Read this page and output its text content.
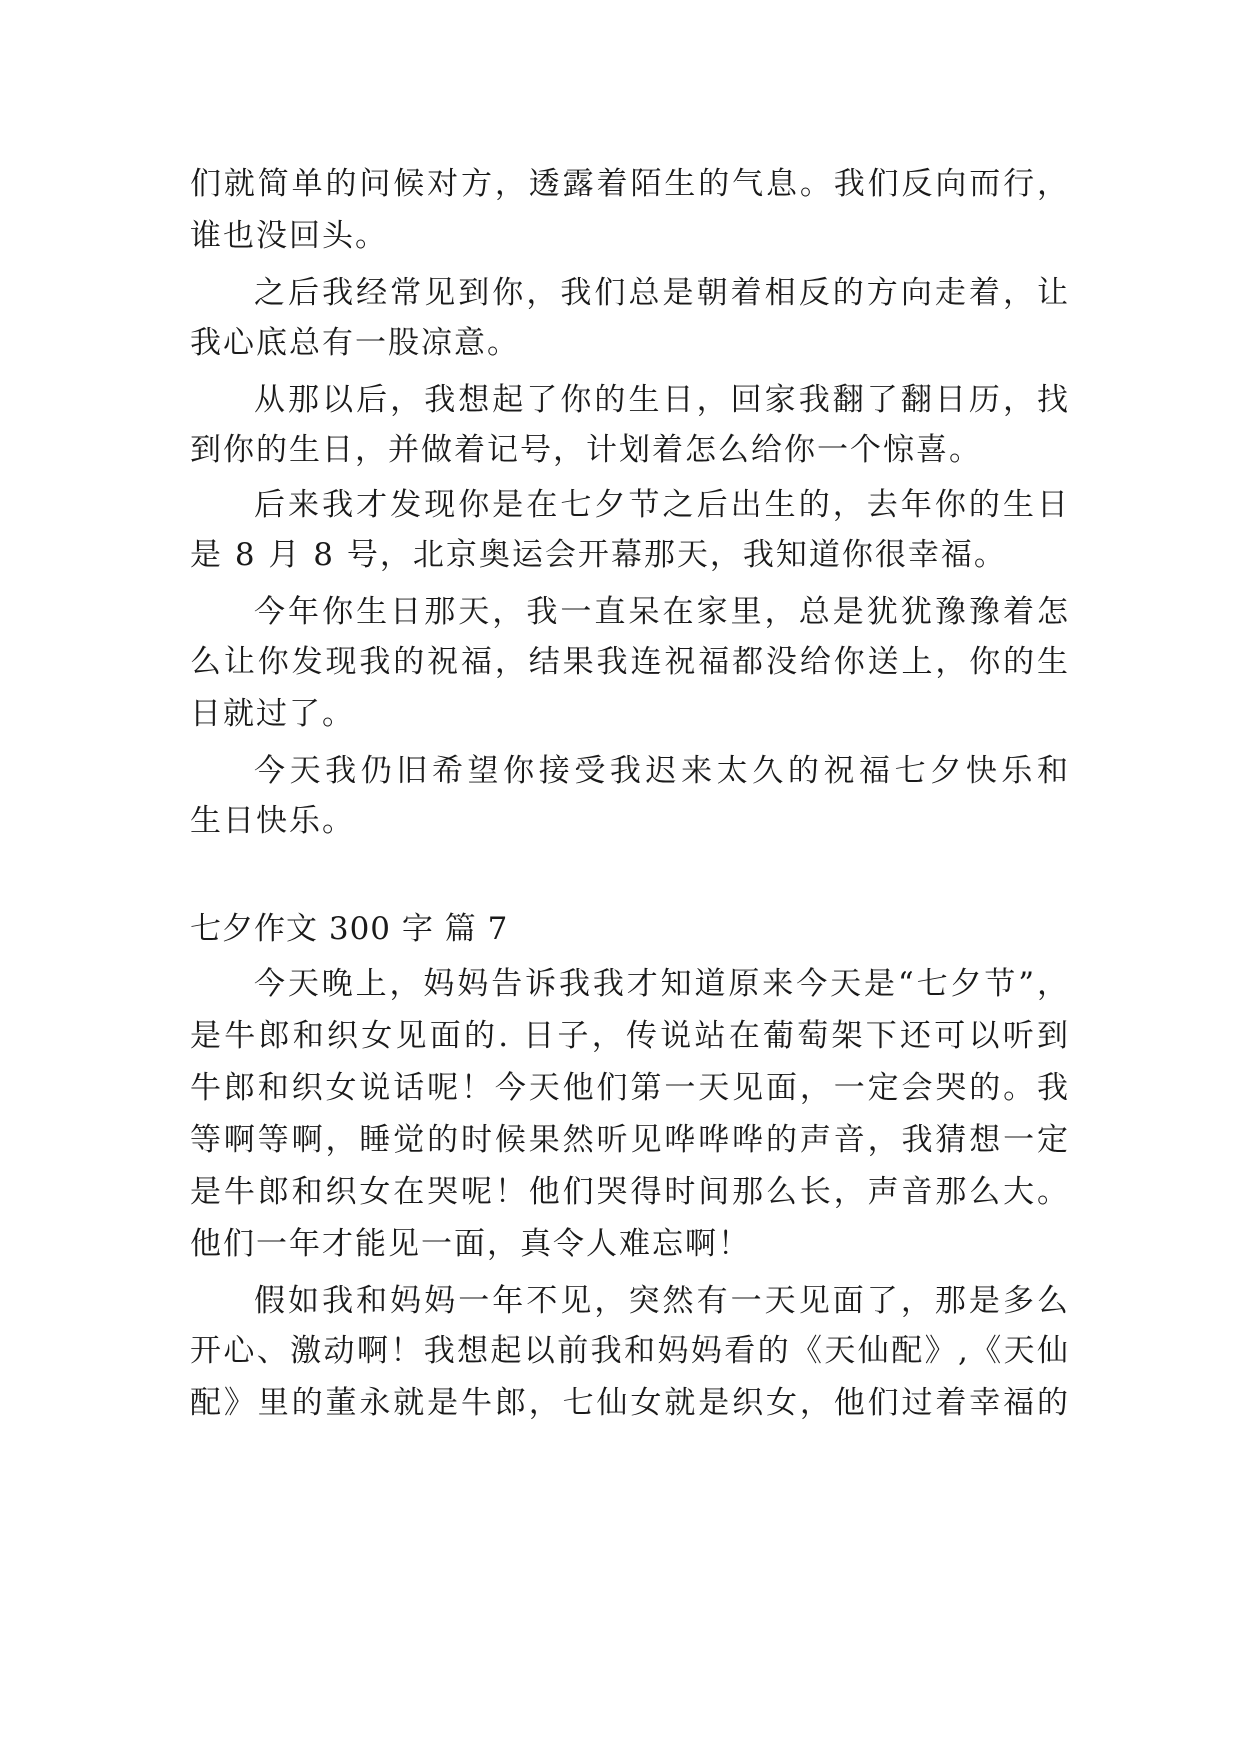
们就简单的问候对方，透露着陌生的气息。我们反向而行，
谁也没回头。
之后我经常见到你，我们总是朝着相反的方向走着，让
我心底总有一股凉意。
从那以后，我想起了你的生日，回家我翻了翻日历，找
到你的生日，并做着记号，计划着怎么给你一个惊喜。
后来我才发现你是在七夕节之后出生的，去年你的生日
是 8 月 8 号，北京奥运会开幕那天，我知道你很幸福。
今年你生日那天，我一直呆在家里，总是犹犹豫豫着怎
么让你发现我的祝福，结果我连祝福都没给你送上，你的生
日就过了。
今天我仍旧希望你接受我迟来太久的祝福七夕快乐和
生日快乐。
七夕作文 300 字 篇 7
今天晚上，妈妈告诉我我才知道原来今天是“七夕节”，
是牛郎和织女见面的. 日子，传说站在葡萄架下还可以听到
牛郎和织女说话呢！今天他们第一天见面，一定会哭的。我
等啊等啊，睡觉的时候果然听见哗哗哗的声音，我猜想一定
是牛郎和织女在哭呢！他们哭得时间那么长，声音那么大。
他们一年才能见一面，真令人难忘啊！
假如我和妈妈一年不见，突然有一天见面了，那是多么
开心、激动啊！我想起以前我和妈妈看的《天仙配》,《天仙
配》里的董永就是牛郎，七仙女就是织女，他们过着幸福的
